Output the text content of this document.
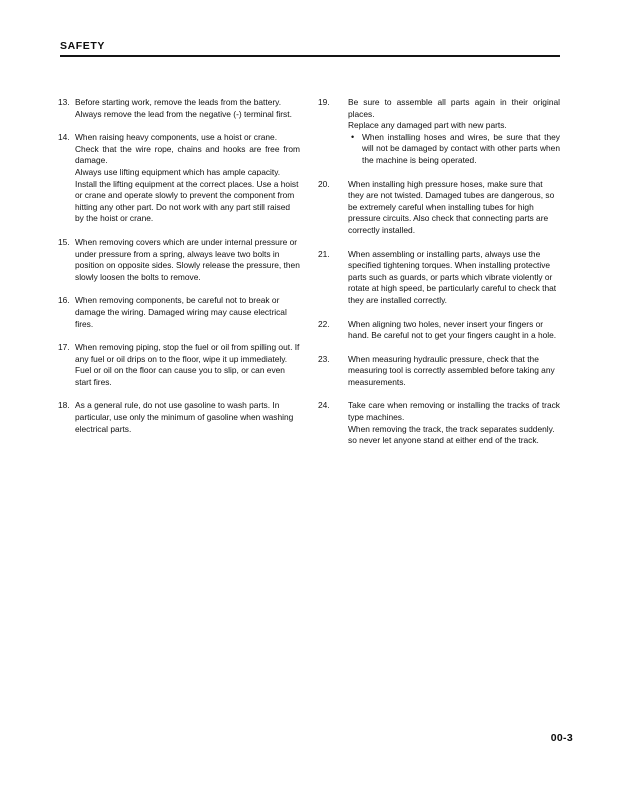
SAFETY
13. Before starting work, remove the leads from the battery. Always remove the lead from the negative (-) terminal first.

14. When raising heavy components, use a hoist or crane.

Check that the wire rope, chains and hooks are free from damage.

Always use lifting equipment which has ample capacity.

Install the lifting equipment at the correct places. Use a hoist or crane and operate slowly to prevent the component from hitting any other part. Do not work with any part still raised by the hoist or crane.

15. When removing covers which are under internal pressure or under pressure from a spring, always leave two bolts in position on opposite sides. Slowly release the pressure, then slowly loosen the bolts to remove.

16. When removing components, be careful not to break or damage the wiring. Damaged wiring may cause electrical fires.

17. When removing piping, stop the fuel or oil from spilling out. If any fuel or oil drips on to the floor, wipe it up immediately. Fuel or oil on the floor can cause you to slip, or can even start fires.

18. As a general rule, do not use gasoline to wash parts. In particular, use only the minimum of gasoline when washing electrical parts.

19.	Be sure to assemble all parts again in their original places.

Replace any damaged part with new parts.

• When installing hoses and wires, be sure that they will not be damaged by contact with other parts when the machine is being operated.
20.	When installing high pressure hoses, make sure that they are not twisted. Damaged tubes are dangerous, so be extremely careful when installing tubes for high pressure circuits. Also check that connecting parts are correctly installed.

21.	When assembling or installing parts, always use the specified tightening torques. When installing protective parts such as guards, or parts which vibrate violently or rotate at high speed, be particularly careful to check that they are installed correctly.

22.	When aligning two holes, never insert your fingers or hand. Be careful not to get your fingers caught in a hole.

23.	When measuring hydraulic pressure, check that the measuring tool is correctly assembled before taking any measurements.

24.	Take care when removing or installing the tracks of track type machines.

When removing the track, the track separates suddenly. so never let anyone stand at either end of the track.

00-3
